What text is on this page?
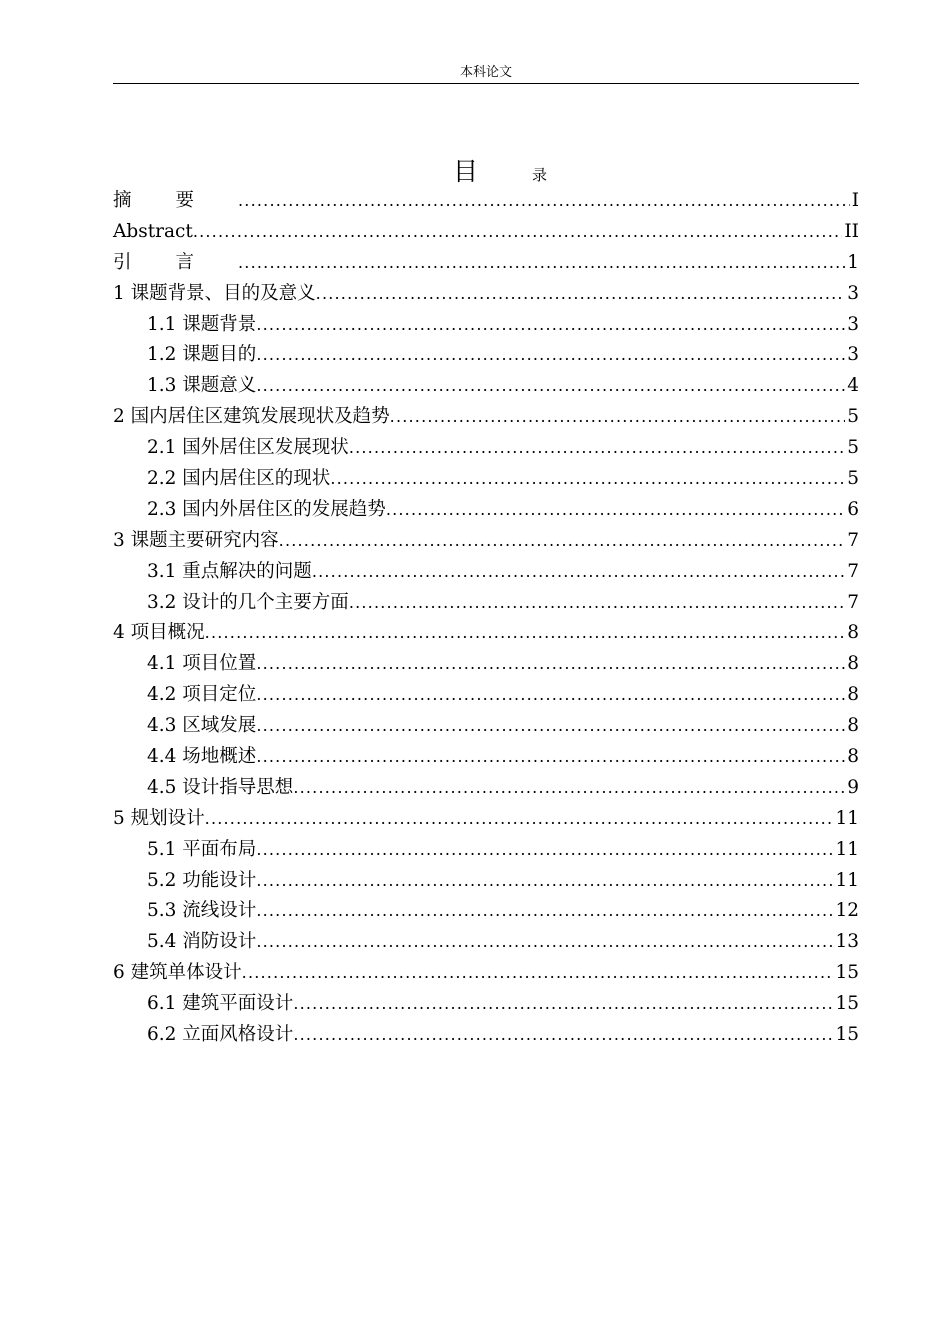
本科论文
目	录
摘要 .....	I
Abstract .....	II
引言 .....	1
1 课题背景、目的及意义 .....	3
1.1 课题背景 .....	3
1.2 课题目的 .....	3
1.3 课题意义 .....	4
2 国内居住区建筑发展现状及趋势 .....	5
2.1 国外居住区发展现状 .....	5
2.2 国内居住区的现状 .....	5
2.3 国内外居住区的发展趋势 .....	6
3 课题主要研究内容 .....	7
3.1 重点解决的问题 .....	7
3.2 设计的几个主要方面 .....	7
4 项目概况 .....	8
4.1 项目位置 .....	8
4.2 项目定位 .....	8
4.3 区域发展 .....	8
4.4 场地概述 .....	8
4.5 设计指导思想 .....	9
5 规划设计 .....	11
5.1 平面布局 .....	11
5.2 功能设计 .....	11
5.3 流线设计 .....	12
5.4 消防设计 .....	13
6 建筑单体设计 .....	15
6.1 建筑平面设计 .....	15
6.2 立面风格设计 .....	15
